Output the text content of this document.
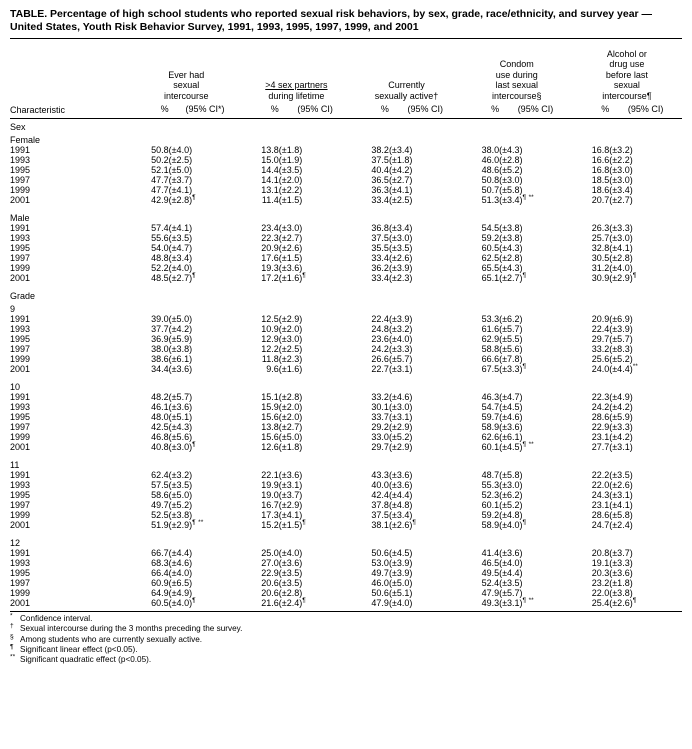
TABLE. Percentage of high school students who reported sexual risk behaviors, by sex, grade, race/ethnicity, and survey year —
United States, Youth Risk Behavior Survey, 1991, 1993, 1995, 1997, 1999, and 2001

Ever had
sexual
intercourse

>4 sex partners
during lifetime

Currently
sexually active†

Condom
use during
last sexual
intercourse§

Alcohol or
drug use
before last
sexual
intercourse¶

Characteristic	%	(95% CI*)	%	(95% CI)	%	(95% CI)	%	(95% CI)	%	(95% CI)

Sex										
Female										
1991	50.8	(±4.0)	13.8	(±1.8)	38.2	(±3.4)	38.0	(±4.3)	16.8	(±3.2)
1993	50.2	(±2.5)	15.0	(±1.9)	37.5	(±1.8)	46.0	(±2.8)	16.6	(±2.2)
1995	52.1	(±5.0)	14.4	(±3.5)	40.4	(±4.2)	48.6	(±5.2)	16.8	(±3.0)
1997	47.7	(±3.7)	14.1	(±2.0)	36.5	(±2.7)	50.8	(±3.0)	18.5	(±3.0)
1999	47.7	(±4.1)	13.1	(±2.2)	36.3	(±4.1)	50.7	(±5.8)	18.6	(±3.4)
2001	42.9	(±2.8)¶	11.4	(±1.5)	33.4	(±2.5)	51.3	(±3.4)¶ **	20.7	(±2.7)

Male										
1991	57.4	(±4.1)	23.4	(±3.0)	36.8	(±3.4)	54.5	(±3.8)	26.3	(±3.3)
1993	55.6	(±3.5)	22.3	(±2.7)	37.5	(±3.0)	59.2	(±3.8)	25.7	(±3.0)
1995	54.0	(±4.7)	20.9	(±2.6)	35.5	(±3.5)	60.5	(±4.3)	32.8	(±4.1)
1997	48.8	(±3.4)	17.6	(±1.5)	33.4	(±2.6)	62.5	(±2.8)	30.5	(±2.8)
1999	52.2	(±4.0)	19.3	(±3.6)	36.2	(±3.9)	65.5	(±4.3)	31.2	(±4.0)
2001	48.5	(±2.7)¶	17.2	(±1.6)¶	33.4	(±2.3)	65.1	(±2.7)¶	30.9	(±2.9)¶

Grade										
9										
1991	39.0	(±5.0)	12.5	(±2.9)	22.4	(±3.9)	53.3	(±6.2)	20.9	(±6.9)
1993	37.7	(±4.2)	10.9	(±2.0)	24.8	(±3.2)	61.6	(±5.7)	22.4	(±3.9)
1995	36.9	(±5.9)	12.9	(±3.0)	23.6	(±4.0)	62.9	(±5.5)	29.7	(±5.7)
1997	38.0	(±3.8)	12.2	(±2.5)	24.2	(±3.3)	58.8	(±5.6)	33.2	(±8.3)
1999	38.6	(±6.1)	11.8	(±2.3)	26.6	(±5.7)	66.6	(±7.8)	25.6	(±5.2)
2001	34.4	(±3.6)	9.6	(±1.6)	22.7	(±3.1)	67.5	(±3.3)¶	24.0	(±4.4)**

10										
1991	48.2	(±5.7)	15.1	(±2.8)	33.2	(±4.6)	46.3	(±4.7)	22.3	(±4.9)
1993	46.1	(±3.6)	15.9	(±2.0)	30.1	(±3.0)	54.7	(±4.5)	24.2	(±4.2)
1995	48.0	(±5.1)	15.6	(±2.0)	33.7	(±3.1)	59.7	(±4.6)	28.6	(±5.9)
1997	42.5	(±4.3)	13.8	(±2.7)	29.2	(±2.9)	58.9	(±3.6)	22.9	(±3.3)
1999	46.8	(±5.6)	15.6	(±5.0)	33.0	(±5.2)	62.6	(±6.1)	23.1	(±4.2)
2001	40.8	(±3.0)¶	12.6	(±1.8)	29.7	(±2.9)	60.1	(±4.5)¶ **	27.7	(±3.1)

11										
1991	62.4	(±3.2)	22.1	(±3.6)	43.3	(±3.6)	48.7	(±5.8)	22.2	(±3.5)
1993	57.5	(±3.5)	19.9	(±3.1)	40.0	(±3.6)	55.3	(±3.0)	22.0	(±2.6)
1995	58.6	(±5.0)	19.0	(±3.7)	42.4	(±4.4)	52.3	(±6.2)	24.3	(±3.1)
1997	49.7	(±5.2)	16.7	(±2.9)	37.8	(±4.8)	60.1	(±5.2)	23.1	(±4.1)
1999	52.5	(±3.8)	17.3	(±4.1)	37.5	(±3.4)	59.2	(±4.8)	28.6	(±5.8)
2001	51.9	(±2.9)¶ **	15.2	(±1.5)¶	38.1	(±2.6)¶	58.9	(±4.0)¶	24.7	(±2.4)

12										
1991	66.7	(±4.4)	25.0	(±4.0)	50.6	(±4.5)	41.4	(±3.6)	20.8	(±3.7)
1993	68.3	(±4.6)	27.0	(±3.6)	53.0	(±3.9)	46.5	(±4.0)	19.1	(±3.3)
1995	66.4	(±4.0)	22.9	(±3.5)	49.7	(±3.9)	49.5	(±4.4)	20.3	(±3.6)
1997	60.9	(±6.5)	20.6	(±3.5)	46.0	(±5.0)	52.4	(±3.5)	23.2	(±1.8)
1999	64.9	(±4.9)	20.6	(±2.8)	50.6	(±5.1)	47.9	(±5.7)	22.0	(±3.8)
2001	60.5	(±4.0)¶	21.6	(±2.4)¶	47.9	(±4.0)	49.3	(±3.1)¶ **	25.4	(±2.6)¶

* Confidence interval.
† Sexual intercourse during the 3 months preceding the survey.
§ Among students who are currently sexually active.
¶ Significant linear effect (p<0.05).
** Significant quadratic effect (p<0.05).
